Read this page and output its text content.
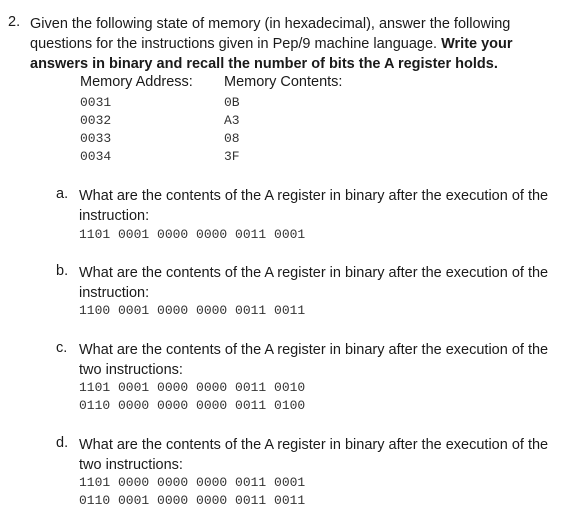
2. Given the following state of memory (in hexadecimal), answer the following questions for the instructions given in Pep/9 machine language. Write your answers in binary and recall the number of bits the A register holds.
Memory Address: Memory Contents:
0031	0B
0032	A3
0033	08
0034	3F
a. What are the contents of the A register in binary after the execution of the instruction:
1101 0001 0000 0000 0011 0001
b. What are the contents of the A register in binary after the execution of the instruction:
1100 0001 0000 0000 0011 0011
c. What are the contents of the A register in binary after the execution of the two instructions:
1101 0001 0000 0000 0011 0010
0110 0000 0000 0000 0011 0100
d. What are the contents of the A register in binary after the execution of the two instructions:
1101 0000 0000 0000 0011 0001
0110 0001 0000 0000 0011 0011
